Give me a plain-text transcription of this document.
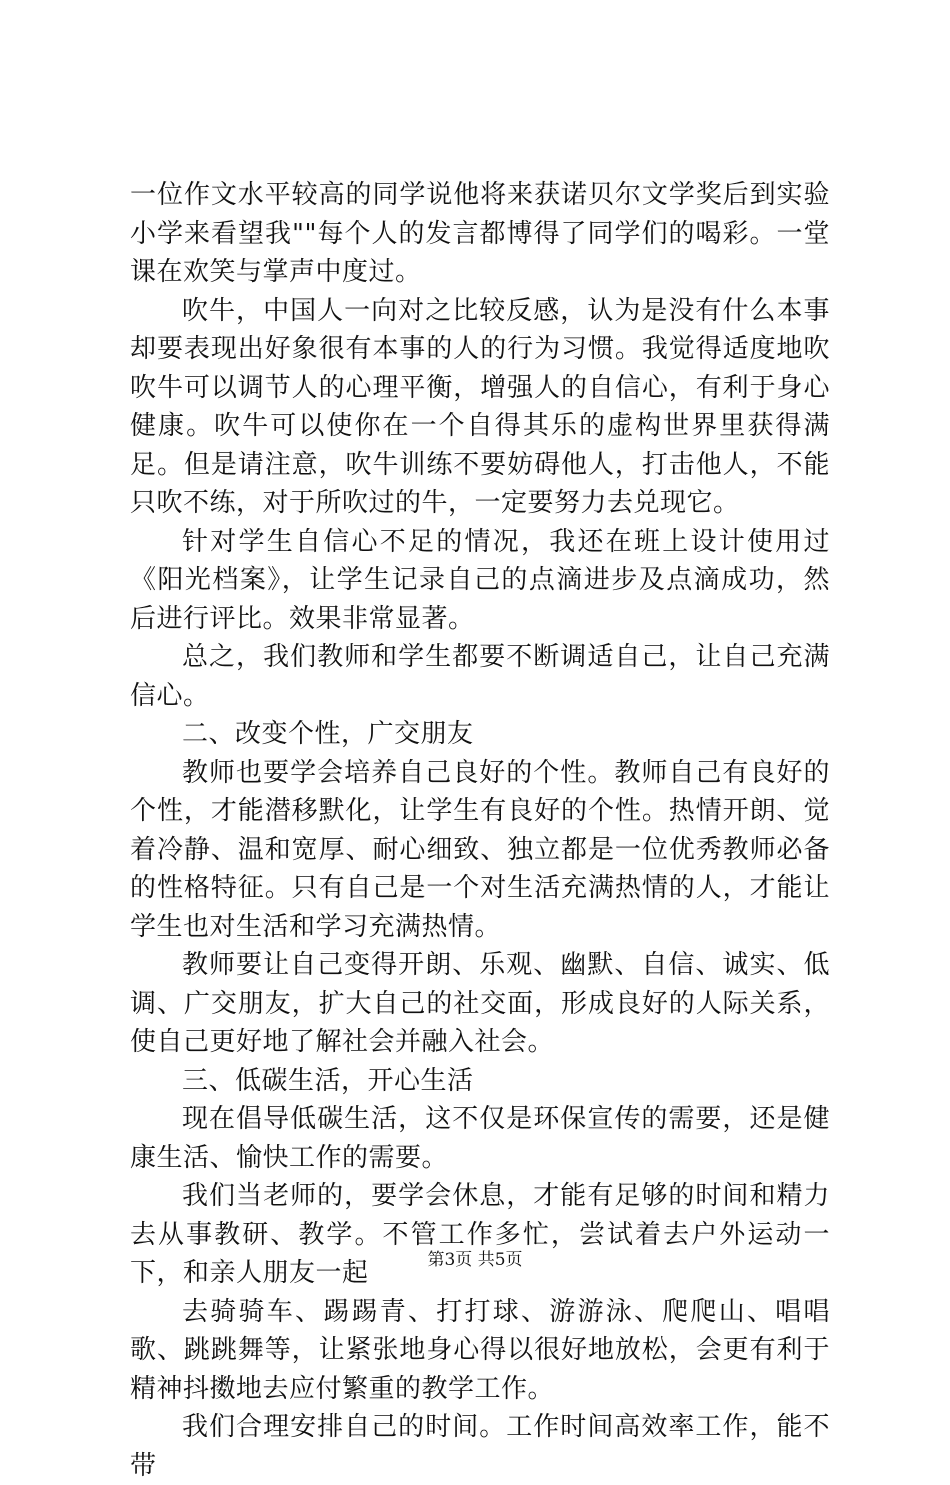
一位作文水平较高的同学说他将来获诺贝尔文学奖后到实验小学来看望我""每个人的发言都博得了同学们的喝彩。一堂课在欢笑与掌声中度过。

吹牛，中国人一向对之比较反感，认为是没有什么本事却要表现出好象很有本事的人的行为习惯。我觉得适度地吹吹牛可以调节人的心理平衡，增强人的自信心，有利于身心健康。吹牛可以使你在一个自得其乐的虚构世界里获得满足。但是请注意，吹牛训练不要妨碍他人，打击他人，不能只吹不练，对于所吹过的牛，一定要努力去兑现它。

针对学生自信心不足的情况，我还在班上设计使用过《阳光档案》，让学生记录自己的点滴进步及点滴成功，然后进行评比。效果非常显著。

总之，我们教师和学生都要不断调适自己，让自己充满信心。

二、改变个性，广交朋友

教师也要学会培养自己良好的个性。教师自己有良好的个性，才能潜移默化，让学生有良好的个性。热情开朗、觉着冷静、温和宽厚、耐心细致、独立都是一位优秀教师必备的性格特征。只有自己是一个对生活充满热情的人，才能让学生也对生活和学习充满热情。

教师要让自己变得开朗、乐观、幽默、自信、诚实、低调、广交朋友，扩大自己的社交面，形成良好的人际关系，使自己更好地了解社会并融入社会。

三、低碳生活，开心生活

现在倡导低碳生活，这不仅是环保宣传的需要，还是健康生活、愉快工作的需要。

我们当老师的，要学会休息，才能有足够的时间和精力去从事教研、教学。不管工作多忙，尝试着去户外运动一下，和亲人朋友一起

去骑骑车、踢踢青、打打球、游游泳、爬爬山、唱唱歌、跳跳舞等，让紧张地身心得以很好地放松，会更有利于精神抖擞地去应付繁重的教学工作。

我们合理安排自己的时间。工作时间高效率工作，能不带

第3页 共5页
